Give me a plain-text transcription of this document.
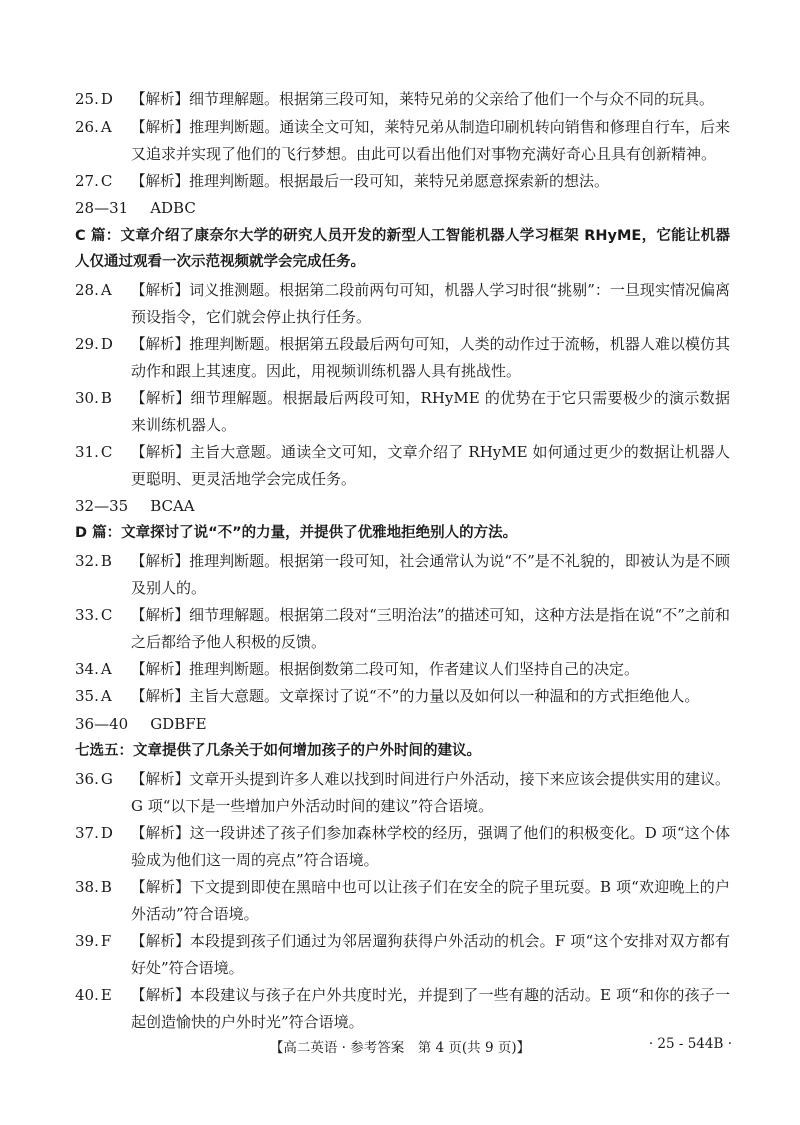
25. D	【解析】细节理解题。根据第三段可知，莱特兄弟的父亲给了他们一个与众不同的玩具。
26. A	【解析】推理判断题。通读全文可知，莱特兄弟从制造印刷机转向销售和修理自行车，后来又追求并实现了他们的飞行梦想。由此可以看出他们对事物充满好奇心且具有创新精神。
27. C	【解析】推理判断题。根据最后一段可知，莱特兄弟愿意探索新的想法。

28—31 ADBC

C 篇：文章介绍了康奈尔大学的研究人员开发的新型人工智能机器人学习框架 RHyME，它能让机器人仅通过观看一次示范视频就学会完成任务。

28. A	【解析】词义推测题。根据第二段前两句可知，机器人学习时很“挑剔”：一旦现实情况偏离预设指令，它们就会停止执行任务。
29. D	【解析】推理判断题。根据第五段最后两句可知，人类的动作过于流畅，机器人难以模仿其动作和跟上其速度。因此，用视频训练机器人具有挑战性。
30. B	【解析】细节理解题。根据最后两段可知，RHyME 的优势在于它只需要极少的演示数据来训练机器人。
31. C	【解析】主旨大意题。通读全文可知，文章介绍了 RHyME 如何通过更少的数据让机器人更聪明、更灵活地学会完成任务。

32—35 BCAA

D 篇：文章探讨了说“不”的力量，并提供了优雅地拒绝别人的方法。

32. B	【解析】推理判断题。根据第一段可知，社会通常认为说“不”是不礼貌的，即被认为是不顾及别人的。
33. C	【解析】细节理解题。根据第二段对“三明治法”的描述可知，这种方法是指在说“不”之前和之后都给予他人积极的反馈。
34. A	【解析】推理判断题。根据倒数第二段可知，作者建议人们坚持自己的决定。
35. A	【解析】主旨大意题。文章探讨了说“不”的力量以及如何以一种温和的方式拒绝他人。

36—40 GDBFE

七选五：文章提供了几条关于如何增加孩子的户外时间的建议。

36. G	【解析】文章开头提到许多人难以找到时间进行户外活动，接下来应该会提供实用的建议。G 项“以下是一些增加户外活动时间的建议”符合语境。
37. D	【解析】这一段讲述了孩子们参加森林学校的经历，强调了他们的积极变化。D 项“这个体验成为他们这一周的亮点”符合语境。
38. B	【解析】下文提到即使在黑暗中也可以让孩子们在安全的院子里玩耍。B 项“欢迎晚上的户外活动”符合语境。
39. F	【解析】本段提到孩子们通过为邻居遛狗获得户外活动的机会。F 项“这个安排对双方都有好处”符合语境。
40. E	【解析】本段建议与孩子在户外共度时光，并提到了一些有趣的活动。E 项“和你的孩子一起创造愉快的户外时光”符合语境。
【高二英语 · 参考答案　第 4 页(共 9 页)】	· 25 - 544B ·
